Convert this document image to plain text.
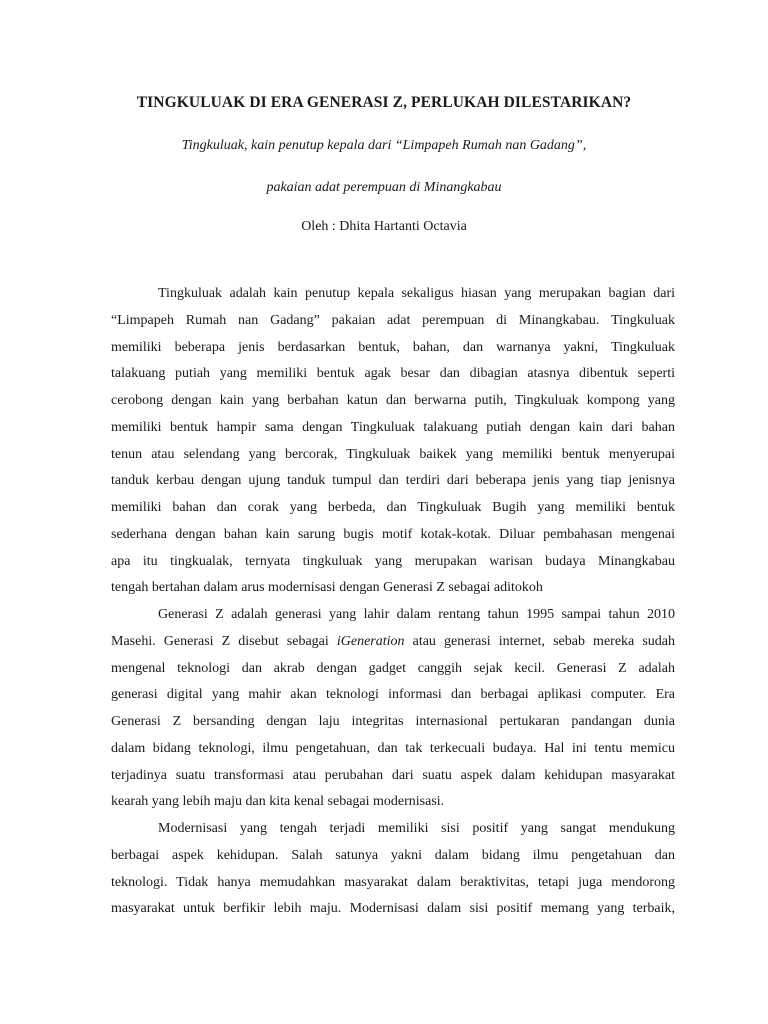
TINGKULUAK DI ERA GENERASI Z, PERLUKAH DILESTARIKAN?
Tingkuluak, kain penutup kepala dari “Limpapeh Rumah nan Gadang”,
pakaian adat perempuan di Minangkabau
Oleh : Dhita Hartanti Octavia
Tingkuluak adalah kain penutup kepala sekaligus hiasan yang merupakan bagian dari
“Limpapeh Rumah nan Gadang” pakaian adat perempuan di Minangkabau. Tingkuluak
memiliki beberapa jenis berdasarkan bentuk, bahan, dan warnanya yakni, Tingkuluak
talakuang putiah yang memiliki bentuk agak besar dan dibagian atasnya dibentuk seperti
cerobong dengan kain yang berbahan katun dan berwarna putih, Tingkuluak kompong yang
memiliki bentuk hampir sama dengan Tingkuluak talakuang putiah dengan kain dari bahan
tenun atau selendang yang bercorak, Tingkuluak baikek yang memiliki bentuk menyerupai
tanduk kerbau dengan ujung tanduk tumpul dan terdiri dari beberapa jenis yang tiap jenisnya
memiliki bahan dan corak yang berbeda, dan Tingkuluak Bugih yang memiliki bentuk
sederhana dengan bahan kain sarung bugis motif kotak-kotak. Diluar pembahasan mengenai
apa itu tingkualak, ternyata tingkuluak yang merupakan warisan budaya Minangkabau
tengah bertahan dalam arus modernisasi dengan Generasi Z sebagai aditokoh
Generasi Z adalah generasi yang lahir dalam rentang tahun 1995 sampai tahun 2010
Masehi. Generasi Z disebut sebagai iGeneration atau generasi internet, sebab mereka sudah
mengenal teknologi dan akrab dengan gadget canggih sejak kecil. Generasi Z adalah
generasi digital yang mahir akan teknologi informasi dan berbagai aplikasi computer. Era
Generasi Z bersanding dengan laju integritas internasional pertukaran pandangan dunia
dalam bidang teknologi, ilmu pengetahuan, dan tak terkecuali budaya. Hal ini tentu memicu
terjadinya suatu transformasi atau perubahan dari suatu aspek dalam kehidupan masyarakat
kearah yang lebih maju dan kita kenal sebagai modernisasi.
Modernisasi yang tengah terjadi memiliki sisi positif yang sangat mendukung
berbagai aspek kehidupan. Salah satunya yakni dalam bidang ilmu pengetahuan dan
teknologi. Tidak hanya memudahkan masyarakat dalam beraktivitas, tetapi juga mendorong
masyarakat untuk berfikir lebih maju. Modernisasi dalam sisi positif memang yang terbaik,
